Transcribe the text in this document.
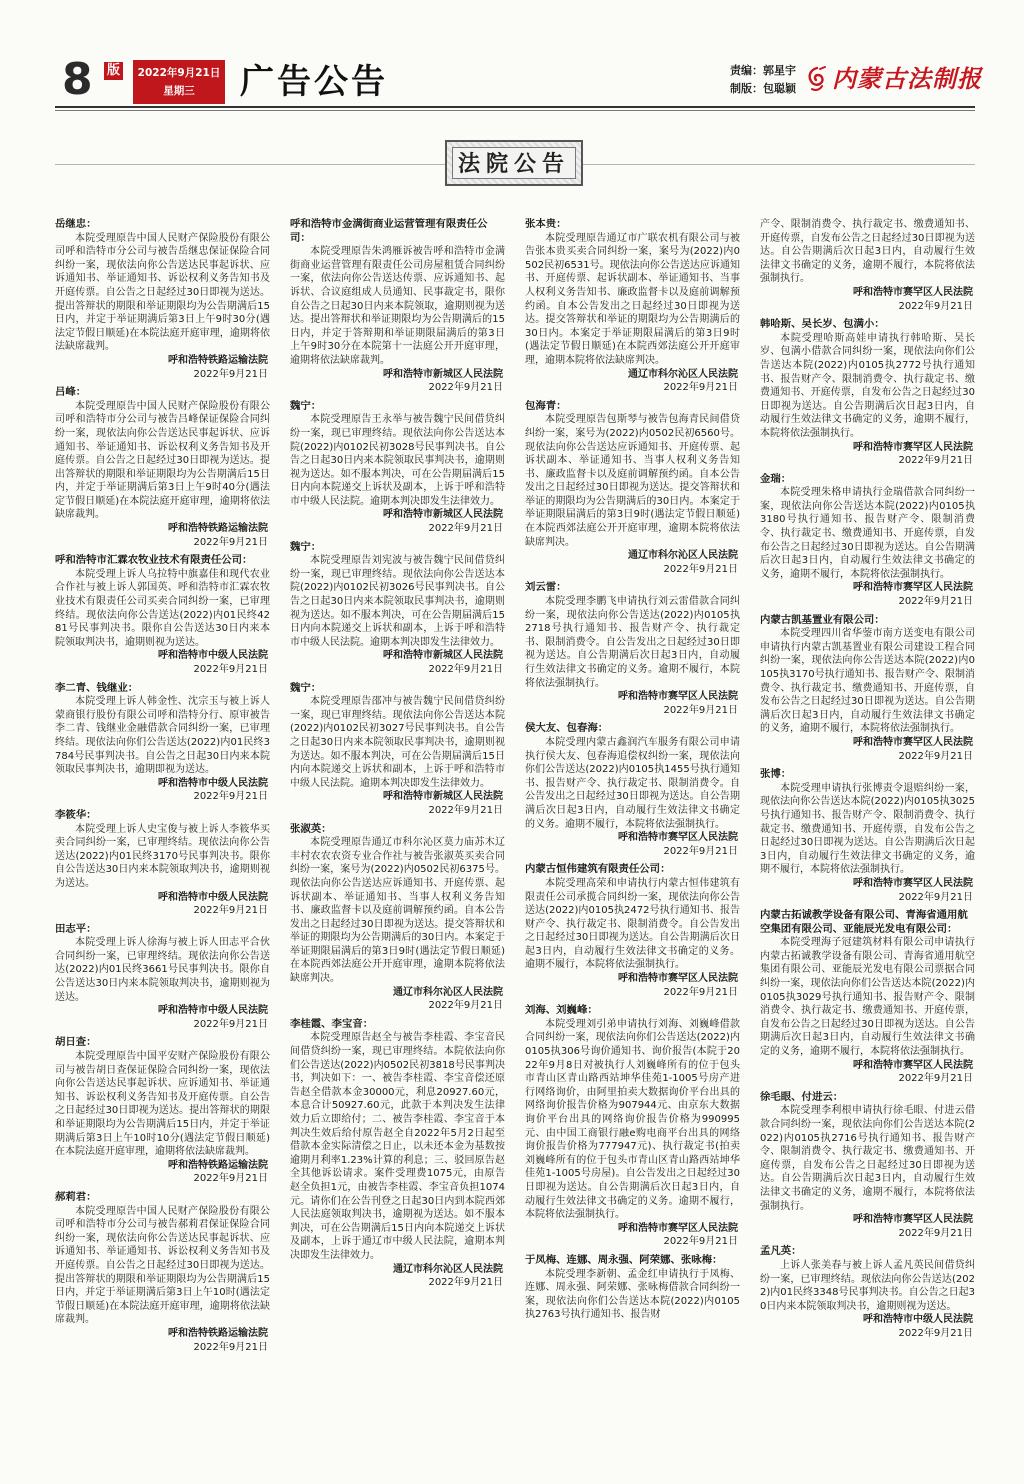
8 版	2022年9月21日
星期三	广告公告	责编：郭星宇
制版：包聪颖 内蒙古法制报
法院公告
岳继忠：
本院受理原告中国人民财产保险股份有限公司呼和浩特市分公司与被告岳继忠保证保险合同纠纷一案，现依法向你公告送达民事起诉状、应诉通知书、举证通知书、诉讼权利义务告知书及开庭传票。自公告之日起经过30日即视为送达。提出答辩状的期限和举证期限均为公告期满后15日内，并定于举证期满后第3日上午9时30分(遇法定节假日顺延)在本院法庭开庭审理，逾期将依法缺席裁判。
呼和浩特铁路运输法院
2022年9月21日
吕峰：
本院受理原告中国人民财产保险股份有限公司呼和浩特市分公司与被告吕峰保证保险合同纠纷一案，现依法向你公告送达民事起诉状、应诉通知书、举证通知书、诉讼权利义务告知书及开庭传票。自公告之日起经过30日即视为送达。提出答辩状的期限和举证期限均为公告期满后15日内，并定于举证期满后第3日上午9时40分(遇法定节假日顺延)在本院法庭开庭审理，逾期将依法缺席裁判。
呼和浩特铁路运输法院
2022年9月21日
呼和浩特市汇霖农牧业技术有限责任公司：
本院受理上诉人乌拉特中旗嘉佳和现代农业合作社与被上诉人郭国英、呼和浩特市汇霖农牧业技术有限责任公司买卖合同纠纷一案，已审理终结。现依法向你公告送达(2022)内01民终4281号民事判决书。限你自公告送达30日内来本院领取判决书，逾期则视为送达。
呼和浩特市中级人民法院
2022年9月21日
李二青、钱继业：
本院受理上诉人韩金性、沈宗玉与被上诉人蒙商银行股份有限公司呼和浩特分行、原审被告李二青、钱继业金融借款合同纠纷一案，已审理终结。现依法向你们公告送达(2022)内01民终3784号民事判决书。自公告之日起30日内来本院领取民事判决书，逾期即视为送达。
呼和浩特市中级人民法院
2022年9月21日
李筱华：
本院受理上诉人史宝俊与被上诉人李筱华买卖合同纠纷一案，已审理终结。现依法向你公告送达(2022)内01民终3170号民事判决书。限你自公告送达30日内来本院领取判决书，逾期则视为送达。
呼和浩特市中级人民法院
2022年9月21日
田志平：
本院受理上诉人徐海与被上诉人田志平合伙合同纠纷一案，已审理终结。现依法向你公告送达(2022)内01民终3661号民事判决书。限你自公告送达30日内来本院领取判决书，逾期则视为送达。
呼和浩特市中级人民法院
2022年9月21日
胡日查：
本院受理原告中国平安财产保险股份有限公司与被告胡日查保证保险合同纠纷一案，现依法向你公告送达民事起诉状、应诉通知书、举证通知书、诉讼权利义务告知书及开庭传票。自公告之日起经过30日即视为送达。提出答辩状的期限和举证期限均为公告期满后15日内，并定于举证期满后第3日上午10时10分(遇法定节假日顺延)在本院法庭开庭审理，逾期将依法缺席裁判。
呼和浩特铁路运输法院
2022年9月21日
郝莉君：
本院受理原告中国人民财产保险股份有限公司呼和浩特市分公司与被告郝莉君保证保险合同纠纷一案，现依法向你公告送达民事起诉状、应诉通知书、举证通知书、诉讼权利义务告知书及开庭传票。自公告之日起经过30日即视为送达。提出答辩状的期限和举证期限均为公告期满后15日内，并定于举证期满后第3日上午10时(遇法定节假日顺延)在本院法庭开庭审理，逾期将依法缺席裁判。
呼和浩特铁路运输法院
2022年9月21日
呼和浩特市金满街商业运营管理有限责任公司：
本院受理原告朱鸿雁诉被告呼和浩特市金满街商业运营管理有限责任公司房屋租赁合同纠纷一案，依法向你公告送达传票、应诉通知书、起诉状、合议庭组成人员通知、民事裁定书，限你自公告之日起30日内来本院领取，逾期则视为送达。提出答辩状和举证期限均为公告期满后的15日内，并定于答辩期和举证期限届满后的第3日上午9时30分在本院第十一法庭公开开庭审理，逾期将依法缺席裁判。
呼和浩特市新城区人民法院
2022年9月21日
魏宁：
本院受理原告王永举与被告魏宁民间借贷纠纷一案，现已审理终结。现依法向你公告送达本院(2022)内0102民初3028号民事判决书。自公告之日起30日内来本院领取民事判决书，逾期则视为送达。如不服本判决，可在公告期届满后15日内向本院递交上诉状及副本，上诉于呼和浩特市中级人民法院。逾期本判决即发生法律效力。
呼和浩特市新城区人民法院
2022年9月21日
魏宁：
本院受理原告刘宪波与被告魏宁民间借贷纠纷一案，现已审理终结。现依法向你公告送达本院(2022)内0102民初3026号民事判决书。自公告之日起30日内来本院领取民事判决书，逾期则视为送达。如不服本判决，可在公告期届满后15日内向本院递交上诉状和副本，上诉于呼和浩特市中级人民法院。逾期本判决即发生法律效力。
呼和浩特市新城区人民法院
2022年9月21日
魏宁：
本院受理原告邵冲与被告魏宁民间借贷纠纷一案，现已审理终结。现依法向你公告送达本院(2022)内0102民初3027号民事判决书。自公告之日起30日内来本院领取民事判决书，逾期则视为送达。如不服本判决，可在公告期届满后15日内向本院递交上诉状和副本，上诉于呼和浩特市中级人民法院。逾期本判决即发生法律效力。
呼和浩特市新城区人民法院
2022年9月21日
张淑英：
本院受理原告通辽市科尔沁区莫力庙苏木辽丰村农农农资专业合作社与被告张淑英买卖合同纠纷一案，案号为(2022)内0502民初6375号。现依法向你公告送达应诉通知书、开庭传票、起诉状副本、举证通知书、当事人权利义务告知书、廉政监督卡以及庭前调解预约函。自本公告发出之日起经过30日即视为送达。提交答辩状和举证的期限均为公告期满后的30日内。本案定于举证期限届满后的第3日9时(遇法定节假日顺延)在本院西郊法庭公开开庭审理，逾期本院将依法缺席判决。
通辽市科尔沁区人民法院
2022年9月21日
李桂霞、李宝音：
本院受理原告赵全与被告李桂霞、李宝音民间借贷纠纷一案，现已审理终结。本院依法向你们公告送达(2022)内0502民初3818号民事判决书，判决如下：一、被告李桂霞、李宝音偿还原告赵全借款本金30000元，利息20927.60元，本息合计50927.60元，此款于本判决发生法律效力后立即给付；二、被告李桂霞、李宝音于本判决生效后给付原告赵全自2022年5月2日起至借款本金实际清偿之日止，以未还本金为基数按逾期月利率1.23%计算的利息；三、驳回原告赵全其他诉讼请求。案件受理费1075元，由原告赵全负担1元，由被告李桂霞、李宝音负担1074元。请你们在公告刊登之日起30日内到本院西郊人民法庭领取判决书，逾期视为送达。如不服本判决，可在公告期满后15日内向本院递交上诉状及副本，上诉于通辽市中级人民法院，逾期本判决即发生法律效力。
通辽市科尔沁区人民法院
2022年9月21日
张本贵：
本院受理原告通辽市广联农机有限公司与被告张本贵买卖合同纠纷一案，案号为(2022)内0502民初6531号。现依法向你公告送达应诉通知书、开庭传票、起诉状副本、举证通知书、当事人权利义务告知书、廉政监督卡以及庭前调解预约函。自本公告发出之日起经过30日即视为送达。提交答辩状和举证的期限均为公告期满后的30日内。本案定于举证期限届满后的第3日9时(遇法定节假日顺延)在本院西郊法庭公开开庭审理，逾期本院将依法缺席判决。
通辽市科尔沁区人民法院
2022年9月21日
包海青：
本院受理原告包斯琴与被告包海青民间借贷纠纷一案，案号为(2022)内0502民初6560号。现依法向你公告送达应诉通知书、开庭传票、起诉状副本、举证通知书、当事人权利义务告知书、廉政监督卡以及庭前调解预约函。自本公告发出之日起经过30日即视为送达。提交答辩状和举证的期限均为公告期满后的30日内。本案定于举证期限届满后的第3日9时(遇法定节假日顺延)在本院西郊法庭公开开庭审理，逾期本院将依法缺席判决。
通辽市科尔沁区人民法院
2022年9月21日
刘云雷：
本院受理李鹏飞申请执行刘云雷借款合同纠纷一案，现依法向你公告送达(2022)内0105执2718号执行通知书、报告财产令、执行裁定书、限制消费令。自公告发出之日起经过30日即视为送达。自公告期满后次日起3日内，自动履行生效法律文书确定的义务。逾期不履行，本院将依法强制执行。
呼和浩特市赛罕区人民法院
2022年9月21日
侯大友、包春海：
本院受理内蒙古鑫润汽车服务有限公司申请执行侯大友、包春海追偿权纠纷一案，现依法向你们公告送达(2022)内0105执1455号执行通知书、报告财产令、执行裁定书、限制消费令。自公告发出之日起经过30日即视为送达。自公告期满后次日起3日内，自动履行生效法律文书确定的义务。逾期不履行，本院将依法强制执行。
呼和浩特市赛罕区人民法院
2022年9月21日
内蒙古恒伟建筑有限责任公司：
本院受理高荣和申请执行内蒙古恒伟建筑有限责任公司承揽合同纠纷一案，现依法向你公告送达(2022)内0105执2472号执行通知书、报告财产令、执行裁定书、限制消费令。自公告发出之日起经过30日即视为送达。自公告期满后次日起3日内，自动履行生效法律文书确定的义务。逾期不履行，本院将依法强制执行。
呼和浩特市赛罕区人民法院
2022年9月21日
刘海、刘巍峰：
本院受理刘引弟申请执行刘海、刘巍峰借款合同纠纷一案，现依法向你们公告送达(2022)内0105执306号询价通知书、询价报告(本院于2022年9月8日对被执行人刘巍峰所有的位于包头市青山区青山路西站坤华佳苑1-1005号房产进行网络询价，由阿里拍卖大数据询价平台出具的网络询价报告价格为907944元、由京东大数据询价平台出具的网络询价报告价格为990995元、由中国工商银行融e购电商平台出具的网络询价报告价格为777947元)、执行裁定书(拍卖刘巍峰所有的位于包头市青山区青山路西站坤华佳苑1-1005号房屋)。自公告发出之日起经过30日即视为送达。自公告期满后次日起3日内，自动履行生效法律文书确定的义务。逾期不履行，本院将依法强制执行。
呼和浩特市赛罕区人民法院
2022年9月21日
于凤梅、连娜、周永强、阿荣娜、张咏梅：
本院受理李新朝、孟金红申请执行于凤梅、连娜、周永强、阿荣娜、张咏梅借款合同纠纷一案，现依法向你们公告送达本院(2022)内0105执2763号执行通知书、报告财
产令、限制消费令、执行裁定书、缴费通知书、开庭传票，自发布公告之日起经过30日即视为送达。自公告期满后次日起3日内，自动履行生效法律文书确定的义务，逾期不履行，本院将依法强制执行。
呼和浩特市赛罕区人民法院
2022年9月21日
韩哈斯、吴长岁、包满小：
本院受理哈斯高娃申请执行韩哈斯、吴长岁、包满小借款合同纠纷一案，现依法向你们公告送达本院(2022)内0105执2772号执行通知书、报告财产令、限制消费令、执行裁定书、缴费通知书、开庭传票，自发布公告之日起经过30日即视为送达。自公告期满后次日起3日内，自动履行生效法律文书确定的义务，逾期不履行，本院将依法强制执行。
呼和浩特市赛罕区人民法院
2022年9月21日
金瑞：
本院受理朱格申请执行金瑞借款合同纠纷一案，现依法向你公告送达本院(2022)内0105执3180号执行通知书、报告财产令、限制消费令、执行裁定书、缴费通知书、开庭传票，自发布公告之日起经过30日即视为送达。自公告期满后次日起3日内，自动履行生效法律文书确定的义务，逾期不履行，本院将依法强制执行。
呼和浩特市赛罕区人民法院
2022年9月21日
内蒙古凯基置业有限公司：
本院受理四川省华蓥市南方送变电有限公司申请执行内蒙古凯基置业有限公司建设工程合同纠纷一案，现依法向你公告送达本院(2022)内0105执3170号执行通知书、报告财产令、限制消费令、执行裁定书、缴费通知书、开庭传票，自发布公告之日起经过30日即视为送达。自公告期满后次日起3日内，自动履行生效法律文书确定的义务，逾期不履行，本院将依法强制执行。
呼和浩特市赛罕区人民法院
2022年9月21日
张博：
本院受理申请执行张博责令退赔纠纷一案，现依法向你公告送达本院(2022)内0105执3025号执行通知书、报告财产令、限制消费令、执行裁定书、缴费通知书、开庭传票，自发布公告之日起经过30日即视为送达。自公告期满后次日起3日内，自动履行生效法律文书确定的义务，逾期不履行，本院将依法强制执行。
呼和浩特市赛罕区人民法院
2022年9月21日
内蒙古拓诚教学设备有限公司、青海省通用航空集团有限公司、亚能辰光发电有限公司：
本院受理海子冠建筑材料有限公司申请执行内蒙古拓诚教学设备有限公司、青海省通用航空集团有限公司、亚能辰光发电有限公司票据合同纠纷一案，现依法向你们公告送达本院(2022)内0105执3029号执行通知书、报告财产令、限制消费令、执行裁定书、缴费通知书、开庭传票，自发布公告之日起经过30日即视为送达。自公告期满后次日起3日内，自动履行生效法律文书确定的义务，逾期不履行，本院将依法强制执行。
呼和浩特市赛罕区人民法院
2022年9月21日
徐毛眼、付进云：
本院受理李利根申请执行徐毛眼、付进云借款合同纠纷一案，现依法向你们公告送达本院(2022)内0105执2716号执行通知书、报告财产令、限制消费令、执行裁定书、缴费通知书、开庭传票，自发布公告之日起经过30日即视为送达。自公告期满后次日起3日内，自动履行生效法律文书确定的义务，逾期不履行，本院将依法强制执行。
呼和浩特市赛罕区人民法院
2022年9月21日
孟凡英：
上诉人张美春与被上诉人孟凡英民间借贷纠纷一案，已审理终结。现依法向你公告送达(2022)内01民终3348号民事判决书。自公告之日起30日内来本院领取判决书，逾期则视为送达。
呼和浩特市中级人民法院
2022年9月21日
